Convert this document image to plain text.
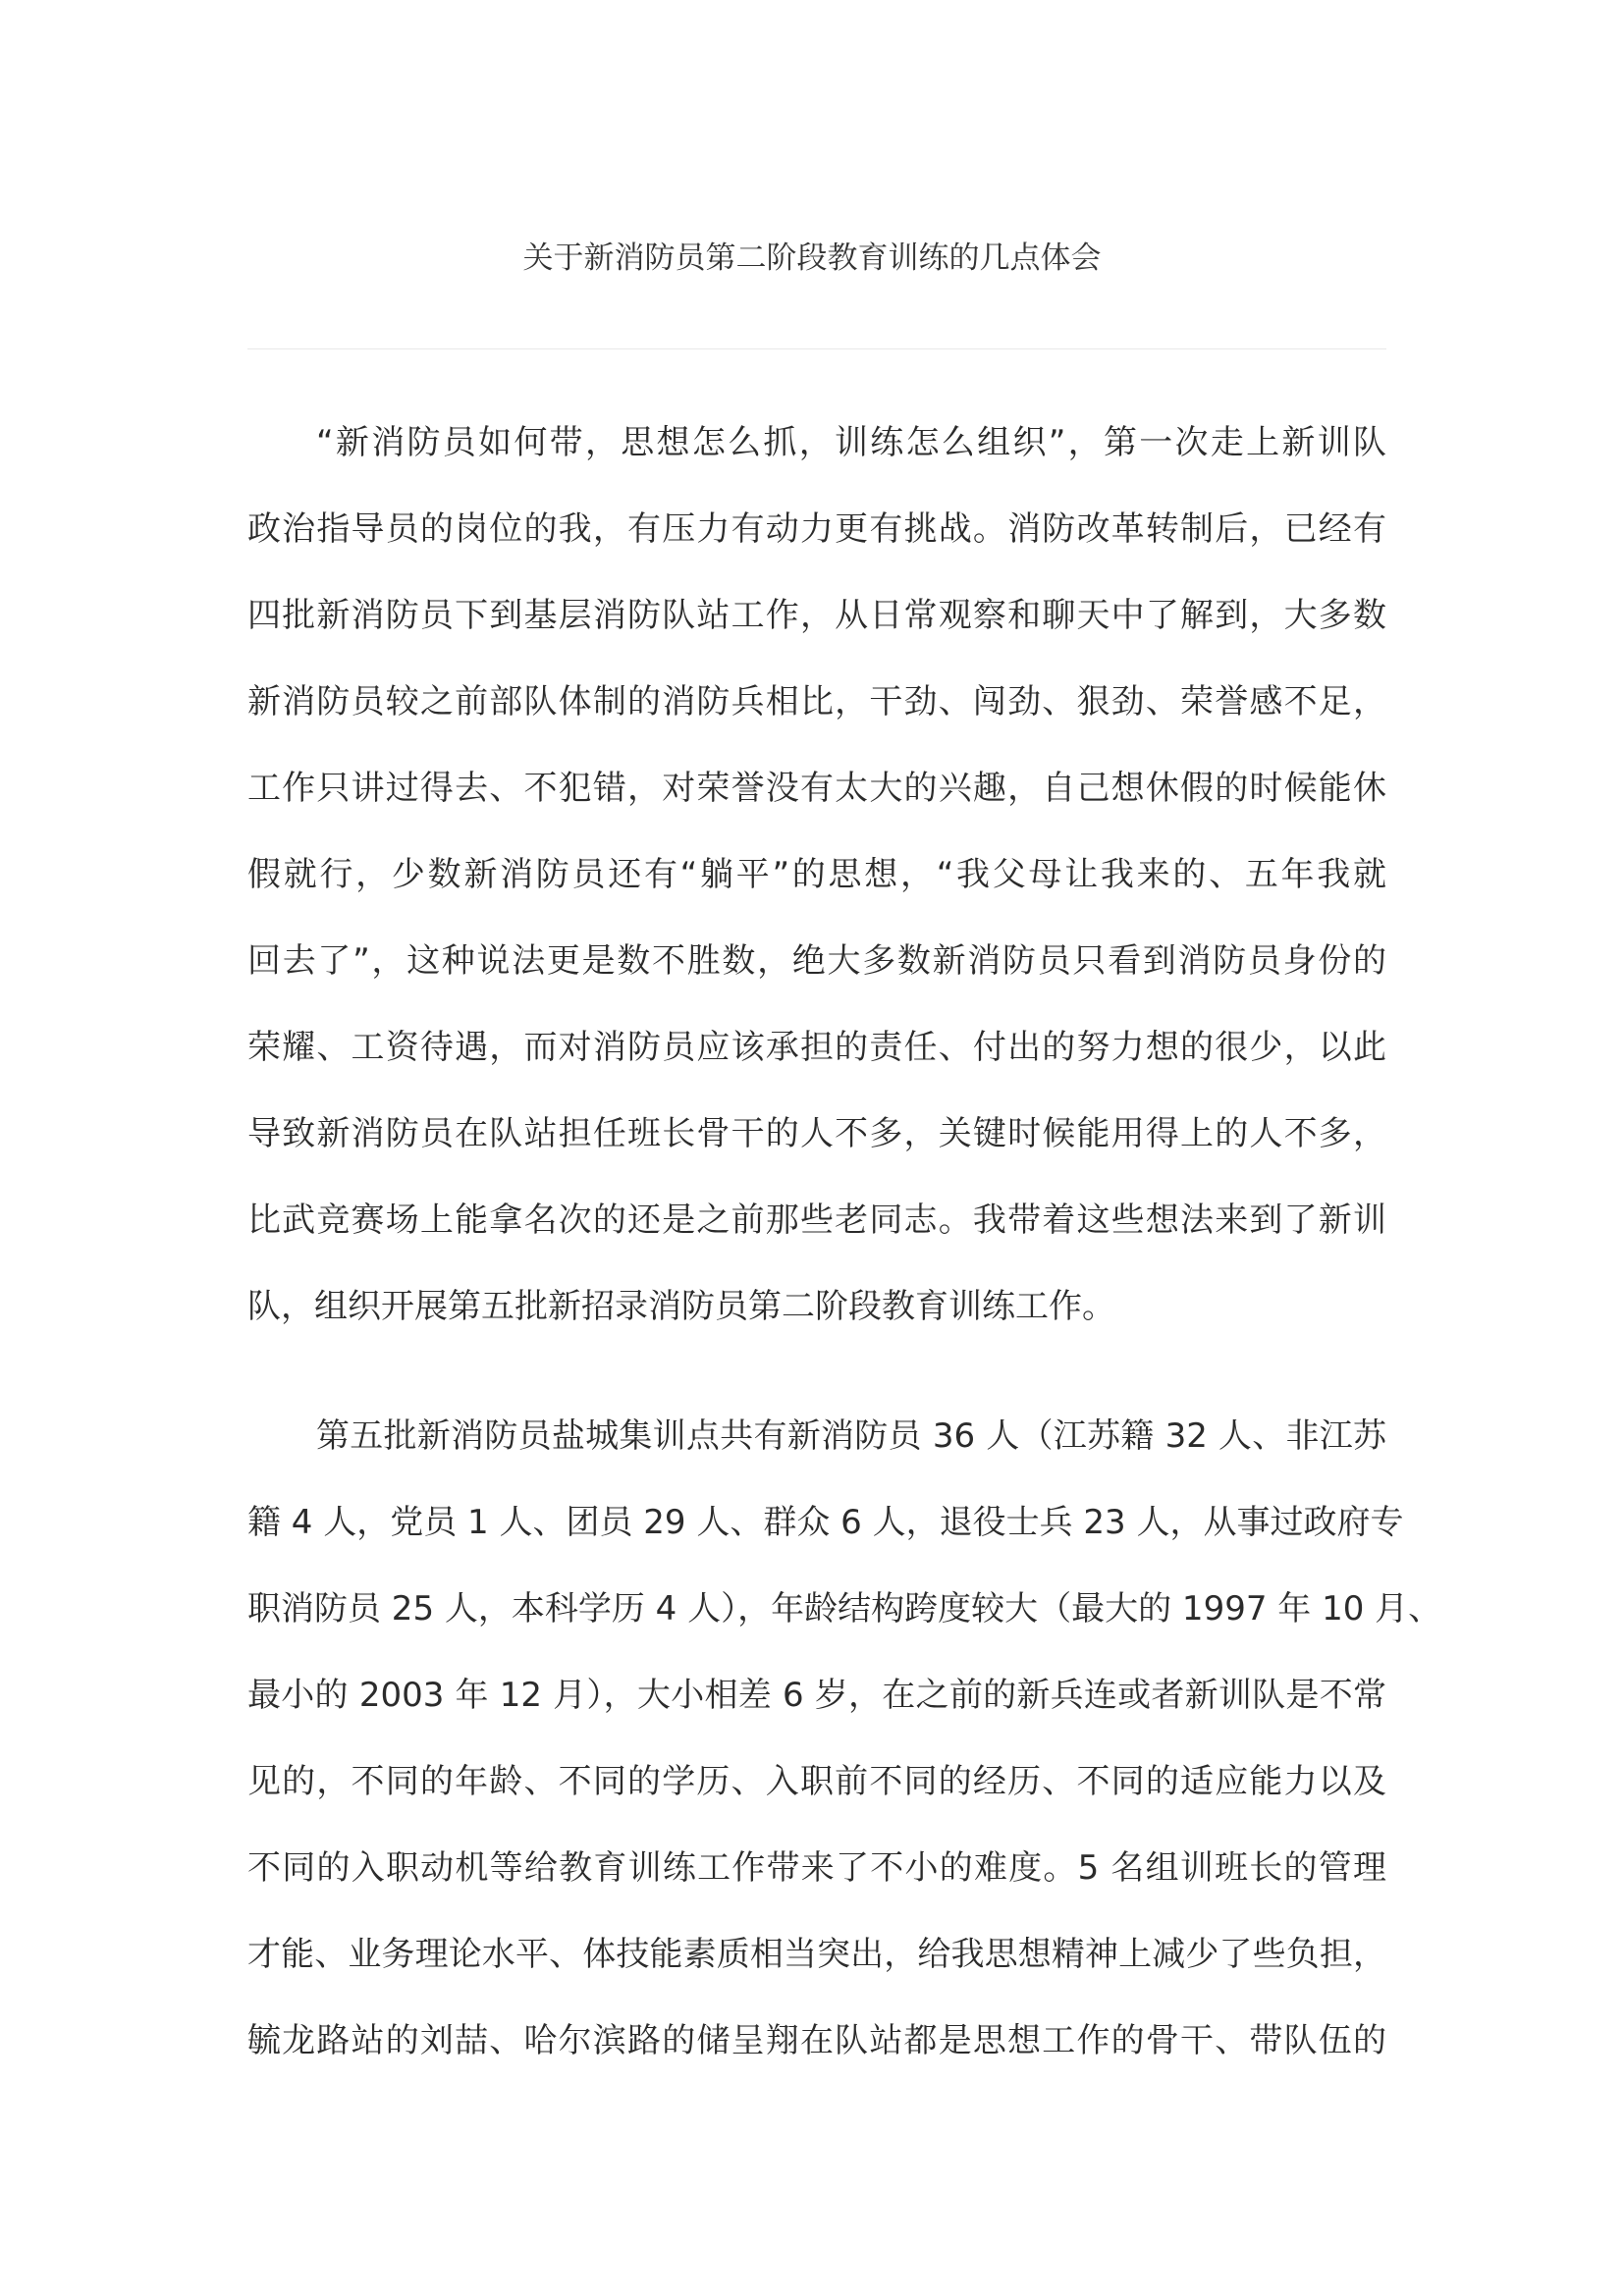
关于新消防员第二阶段教育训练的几点体会
“新消防员如何带，思想怎么抓，训练怎么组织”，第一次走上新训队
政治指导员的岗位的我，有压力有动力更有挑战。消防改革转制后，已经有
四批新消防员下到基层消防队站工作，从日常观察和聊天中了解到，大多数
新消防员较之前部队体制的消防兵相比，干劲、闯劲、狠劲、荣誉感不足，
工作只讲过得去、不犯错，对荣誉没有太大的兴趣，自己想休假的时候能休
假就行，少数新消防员还有“躺平”的思想，“我父母让我来的、五年我就
回去了”，这种说法更是数不胜数，绝大多数新消防员只看到消防员身份的
荣耀、工资待遇，而对消防员应该承担的责任、付出的努力想的很少，以此
导致新消防员在队站担任班长骨干的人不多，关键时候能用得上的人不多，
比武竞赛场上能拿名次的还是之前那些老同志。我带着这些想法来到了新训
队，组织开展第五批新招录消防员第二阶段教育训练工作。
第五批新消防员盐城集训点共有新消防员 36 人（江苏籍 32 人、非江苏
籍 4 人，党员 1 人、团员 29 人、群众 6 人，退役士兵 23 人，从事过政府专
职消防员 25 人，本科学历 4 人），年龄结构跨度较大（最大的 1997 年 10 月、
最小的 2003 年 12 月），大小相差 6 岁，在之前的新兵连或者新训队是不常
见的，不同的年龄、不同的学历、入职前不同的经历、不同的适应能力以及
不同的入职动机等给教育训练工作带来了不小的难度。5 名组训班长的管理
才能、业务理论水平、体技能素质相当突出，给我思想精神上减少了些负担，
毓龙路站的刘喆、哈尔滨路的储呈翔在队站都是思想工作的骨干、带队伍的
